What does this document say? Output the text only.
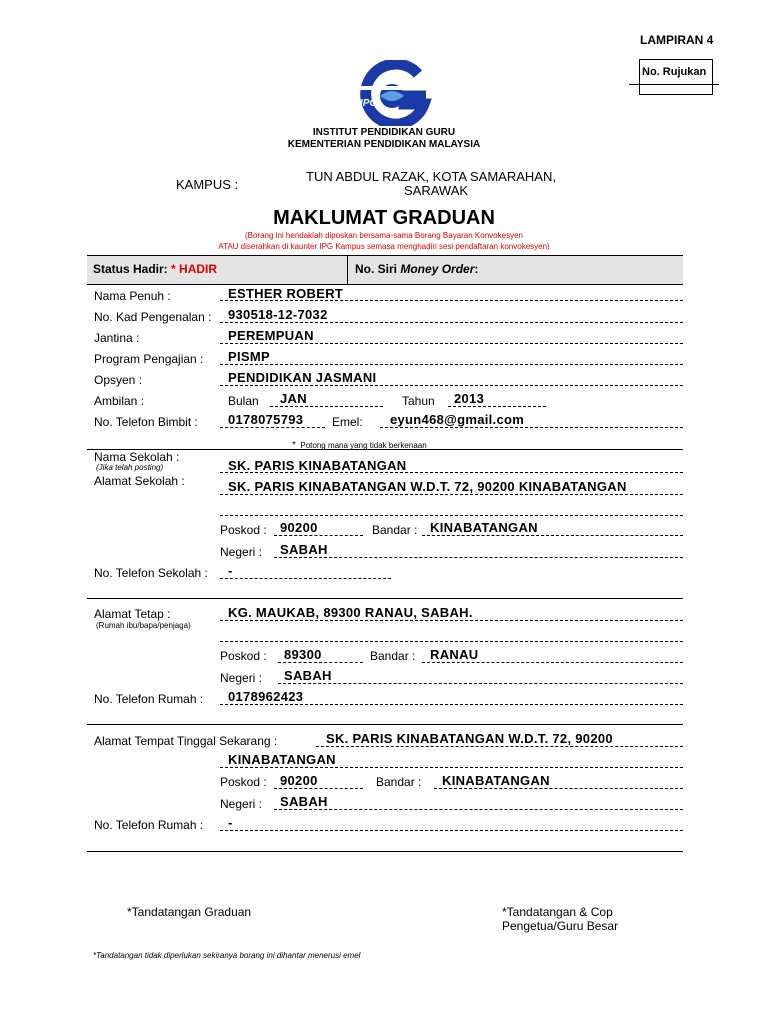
LAMPIRAN 4
No. Rujukan
IPG
INSTITUT PENDIDIKAN GURU
KEMENTERIAN PENDIDIKAN MALAYSIA
KAMPUS :
TUN ABDUL RAZAK, KOTA SAMARAHAN,
SARAWAK
MAKLUMAT GRADUAN
(Borang ini hendaklah diposkan bersama-sama Borang Bayaran Konvokesyen
ATAU diserahkan di kaunter IPG Kampus semasa menghadiri sesi pendaftaran konvokesyen)
Status Hadir: * HADIR	No. Siri Money Order:
Nama Penuh :	ESTHER ROBERT
No. Kad Pengenalan : 930518-12-7032
Jantina :	PEREMPUAN
Program Pengajian : PISMP
Opsyen :	PENDIDIKAN JASMANI
Ambilan :	Bulan JAN	Tahun 2013
No. Telefon Bimbit : 0178075793 Emel: eyun468@gmail.com
* Potong mana yang tidak berkenaan
Nama Sekolah :
(Jika telah posting)	SK. PARIS KINABATANGAN
Alamat Sekolah :	SK. PARIS KINABATANGAN W.D.T. 72, 90200 KINABATANGAN
Poskod : 90200	Bandar : KINABATANGAN
Negeri : SABAH
No. Telefon Sekolah : -
Alamat Tetap :
(Rumah ibu/bapa/penjaga)
KG. MAUKAB, 89300 RANAU, SABAH.
Poskod : 89300	Bandar : RANAU
Negeri : SABAH
No. Telefon Rumah : 0178962423
Alamat Tempat Tinggal Sekarang :	SK. PARIS KINABATANGAN W.D.T. 72, 90200
KINABATANGAN
Poskod : 90200	Bandar : KINABATANGAN
Negeri : SABAH
No. Telefon Rumah : -
*Tandatangan Graduan	*Tandatangan & Cop
Pengetua/Guru Besar
*Tandatangan tidak diperlukan sekiranya borang ini dihantar menerusi emel
